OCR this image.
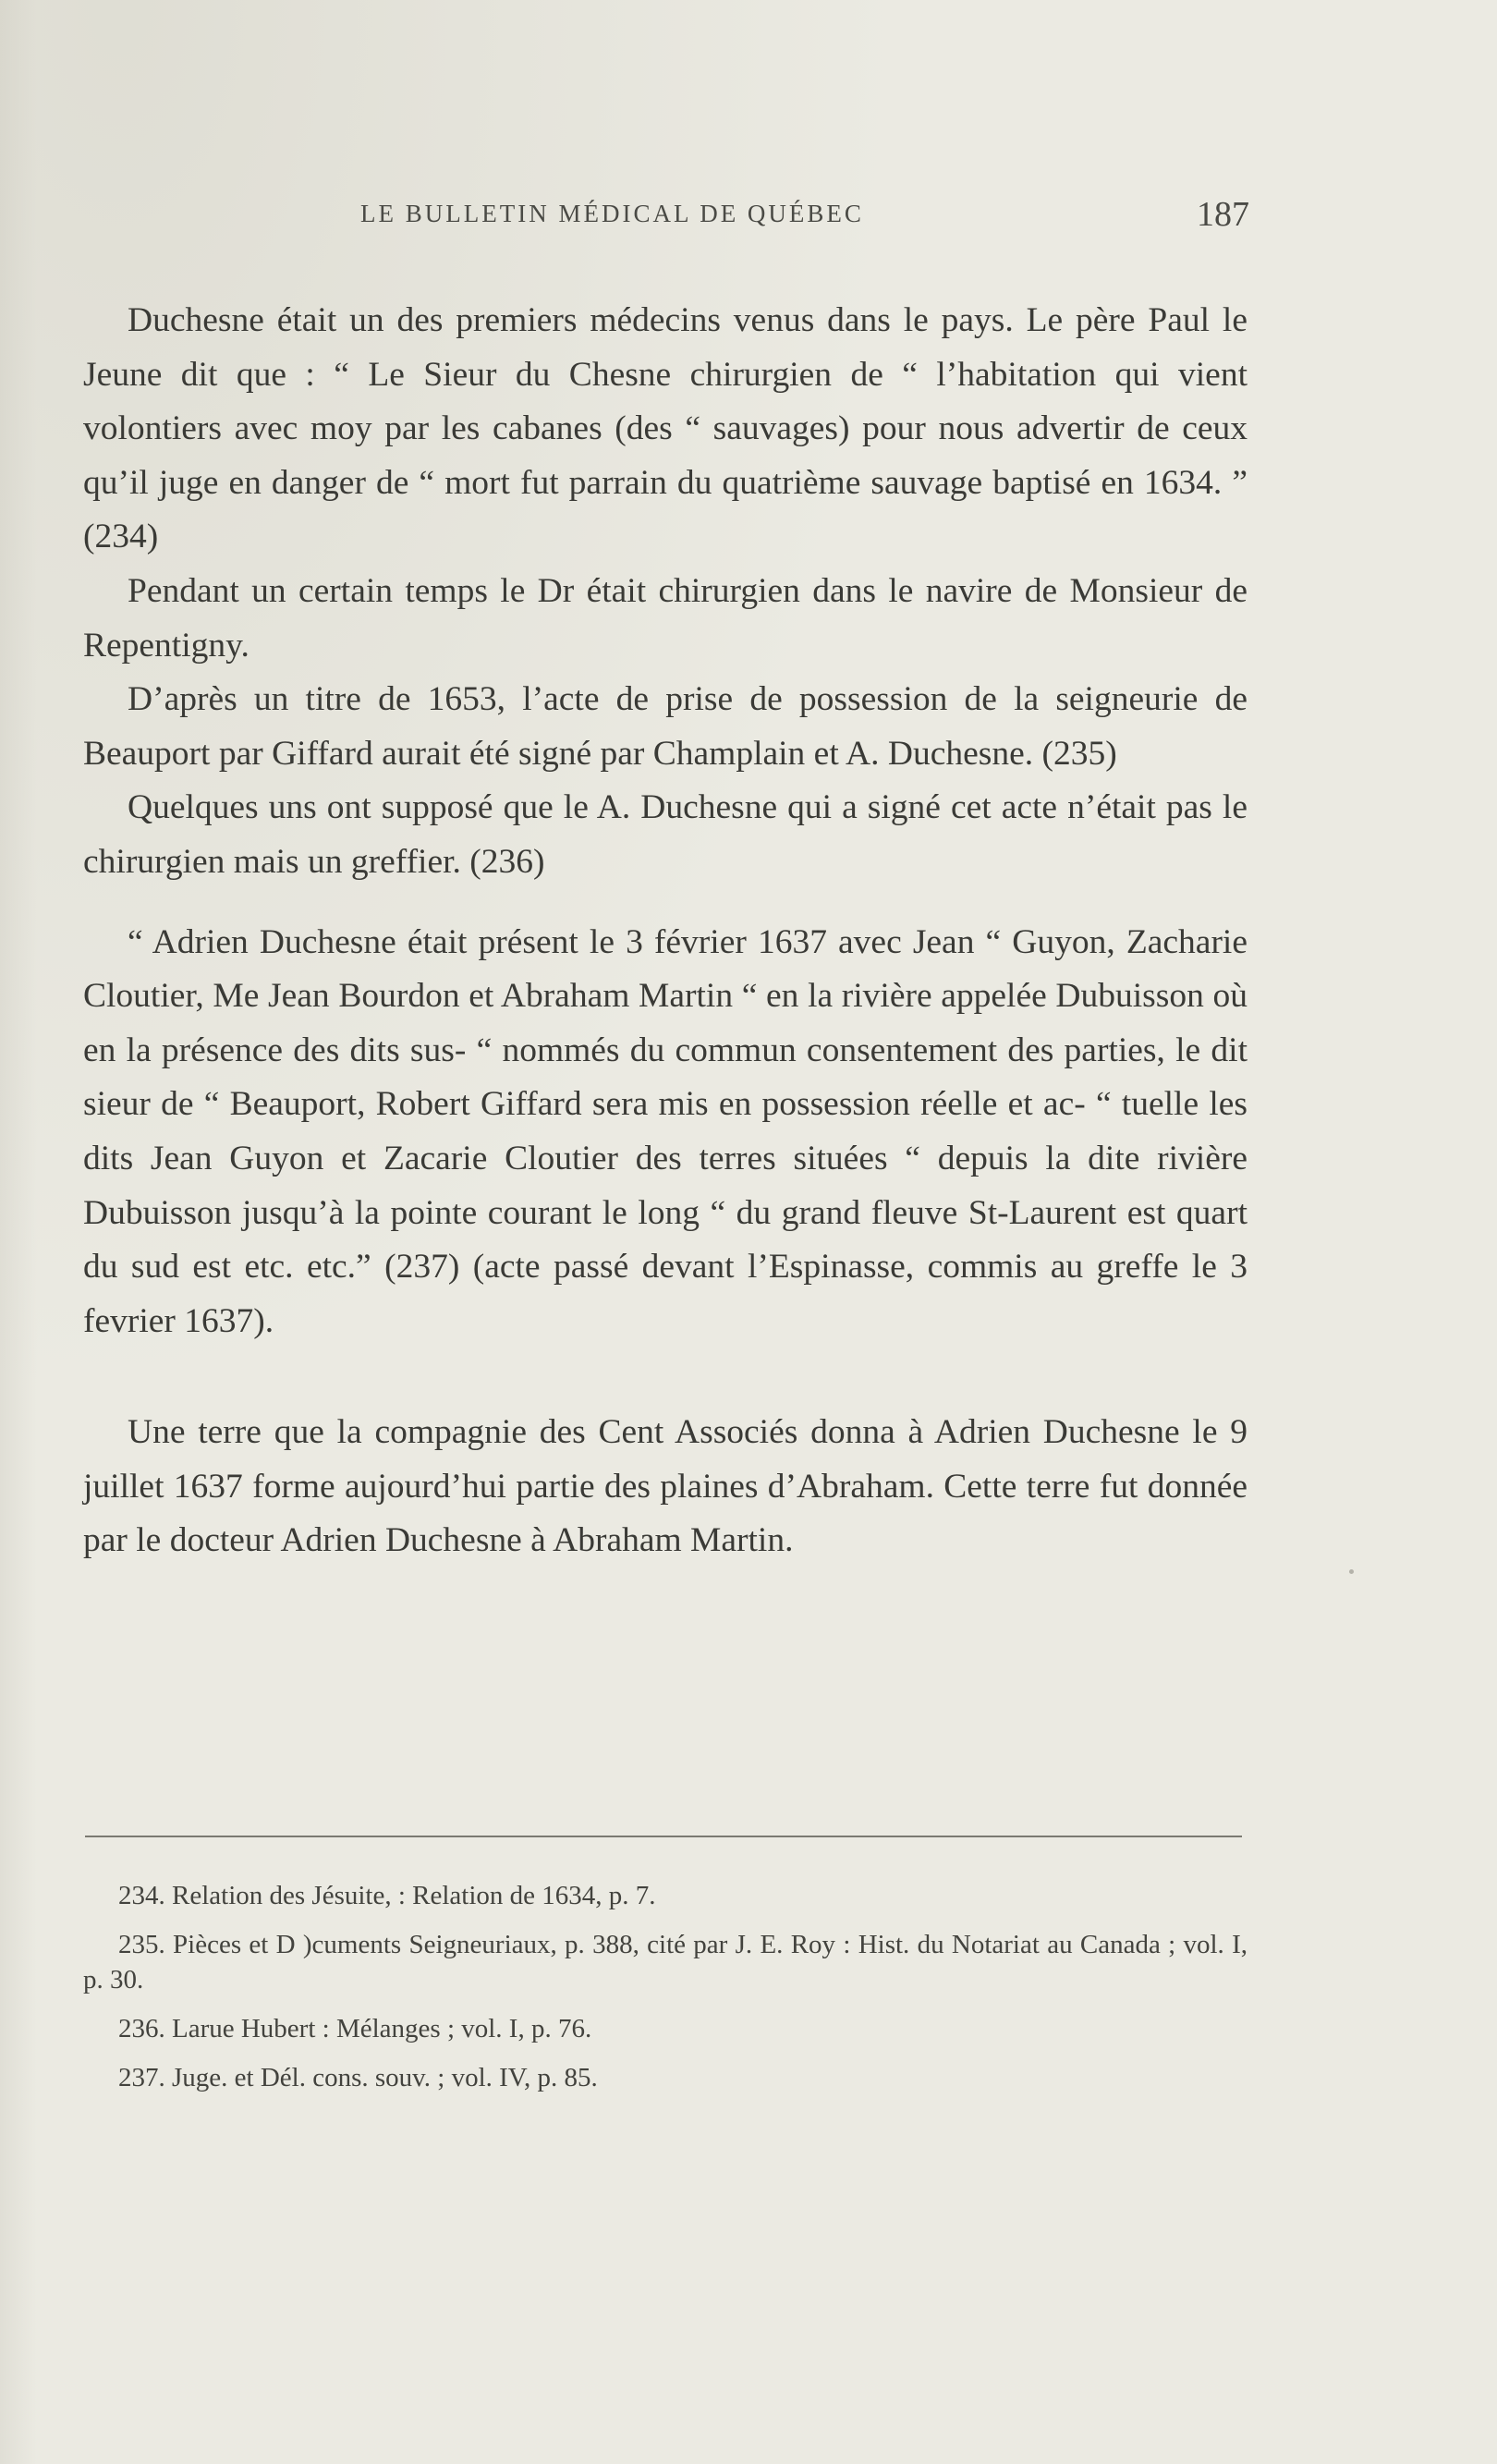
LE BULLETIN MÉDICAL DE QUÉBEC	187

Duchesne était un des premiers médecins venus dans le pays. Le père Paul le Jeune dit que : “ Le Sieur du Chesne chirurgien de “ l’habitation qui vient volontiers avec moy par les cabanes (des “ sauvages) pour nous advertir de ceux qu’il juge en danger de “ mort fut parrain du quatrième sauvage baptisé en 1634. ” (234)

Pendant un certain temps le Dr était chirurgien dans le navire de Monsieur de Repentigny.

D’après un titre de 1653, l’acte de prise de possession de la seigneurie de Beauport par Giffard aurait été signé par Champlain et A. Duchesne. (235)

Quelques uns ont supposé que le A. Duchesne qui a signé cet acte n’était pas le chirurgien mais un greffier. (236)

“ Adrien Duchesne était présent le 3 février 1637 avec Jean “ Guyon, Zacharie Cloutier, Me Jean Bourdon et Abraham Martin “ en la rivière appelée Dubuisson où en la présence des dits sus- “ nommés du commun consentement des parties, le dit sieur de “ Beauport, Robert Giffard sera mis en possession réelle et ac- “ tuelle les dits Jean Guyon et Zacarie Cloutier des terres situées “ depuis la dite rivière Dubuisson jusqu’à la pointe courant le long “ du grand fleuve St-Laurent est quart du sud est etc. etc.” (237) (acte passé devant l’Espinasse, commis au greffe le 3 fevrier 1637).

Une terre que la compagnie des Cent Associés donna à Adrien Duchesne le 9 juillet 1637 forme aujourd’hui partie des plaines d’Abraham. Cette terre fut donnée par le docteur Adrien Duchesne à Abraham Martin.

234. Relation des Jésuite, : Relation de 1634, p. 7.

235. Pièces et D )cuments Seigneuriaux, p. 388, cité par J. E. Roy : Hist. du Notariat au Canada ; vol. I, p. 30.

236. Larue Hubert : Mélanges ; vol. I, p. 76.

237. Juge. et Dél. cons. souv. ; vol. IV, p. 85.
